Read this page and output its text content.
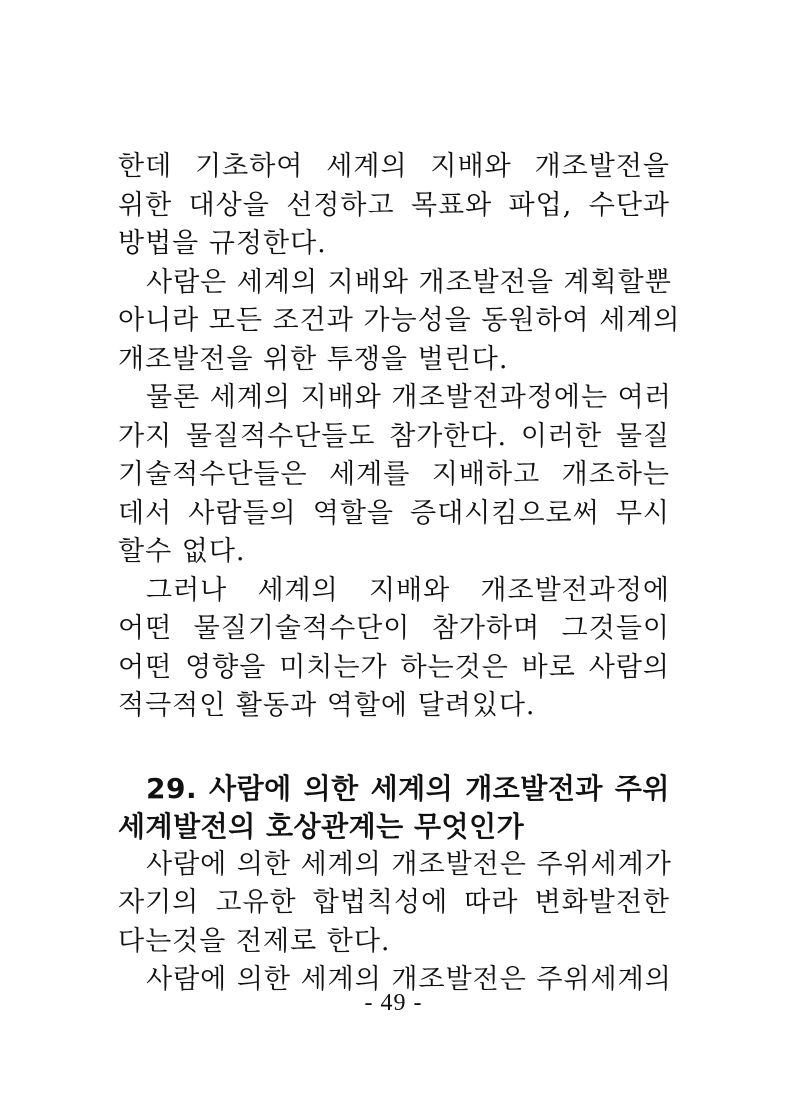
한데 기초하여 세계의 지배와 개조발전을
위한 대상을 선정하고 목표와 파업, 수단과
방법을 규정한다.
사람은 세계의 지배와 개조발전을 계획할뿐
아니라 모든 조건과 가능성을 동원하여 세계의
개조발전을 위한 투쟁을 벌린다.
물론 세계의 지배와 개조발전과정에는 여러
가지 물질적수단들도 참가한다. 이러한 물질
기술적수단들은 세계를 지배하고 개조하는
데서 사람들의 역할을 증대시킴으로써 무시
할수 없다.
그러나 세계의 지배와 개조발전과정에
어떤 물질기술적수단이 참가하며 그것들이
어떤 영향을 미치는가 하는것은 바로 사람의
적극적인 활동과 역할에 달려있다.
29. 사람에 의한 세계의 개조발전과 주위
세계발전의 호상관계는 무엇인가
사람에 의한 세계의 개조발전은 주위세계가
자기의 고유한 합법칙성에 따라 변화발전한
다는것을 전제로 한다.
사람에 의한 세계의 개조발전은 주위세계의
- 49 -
